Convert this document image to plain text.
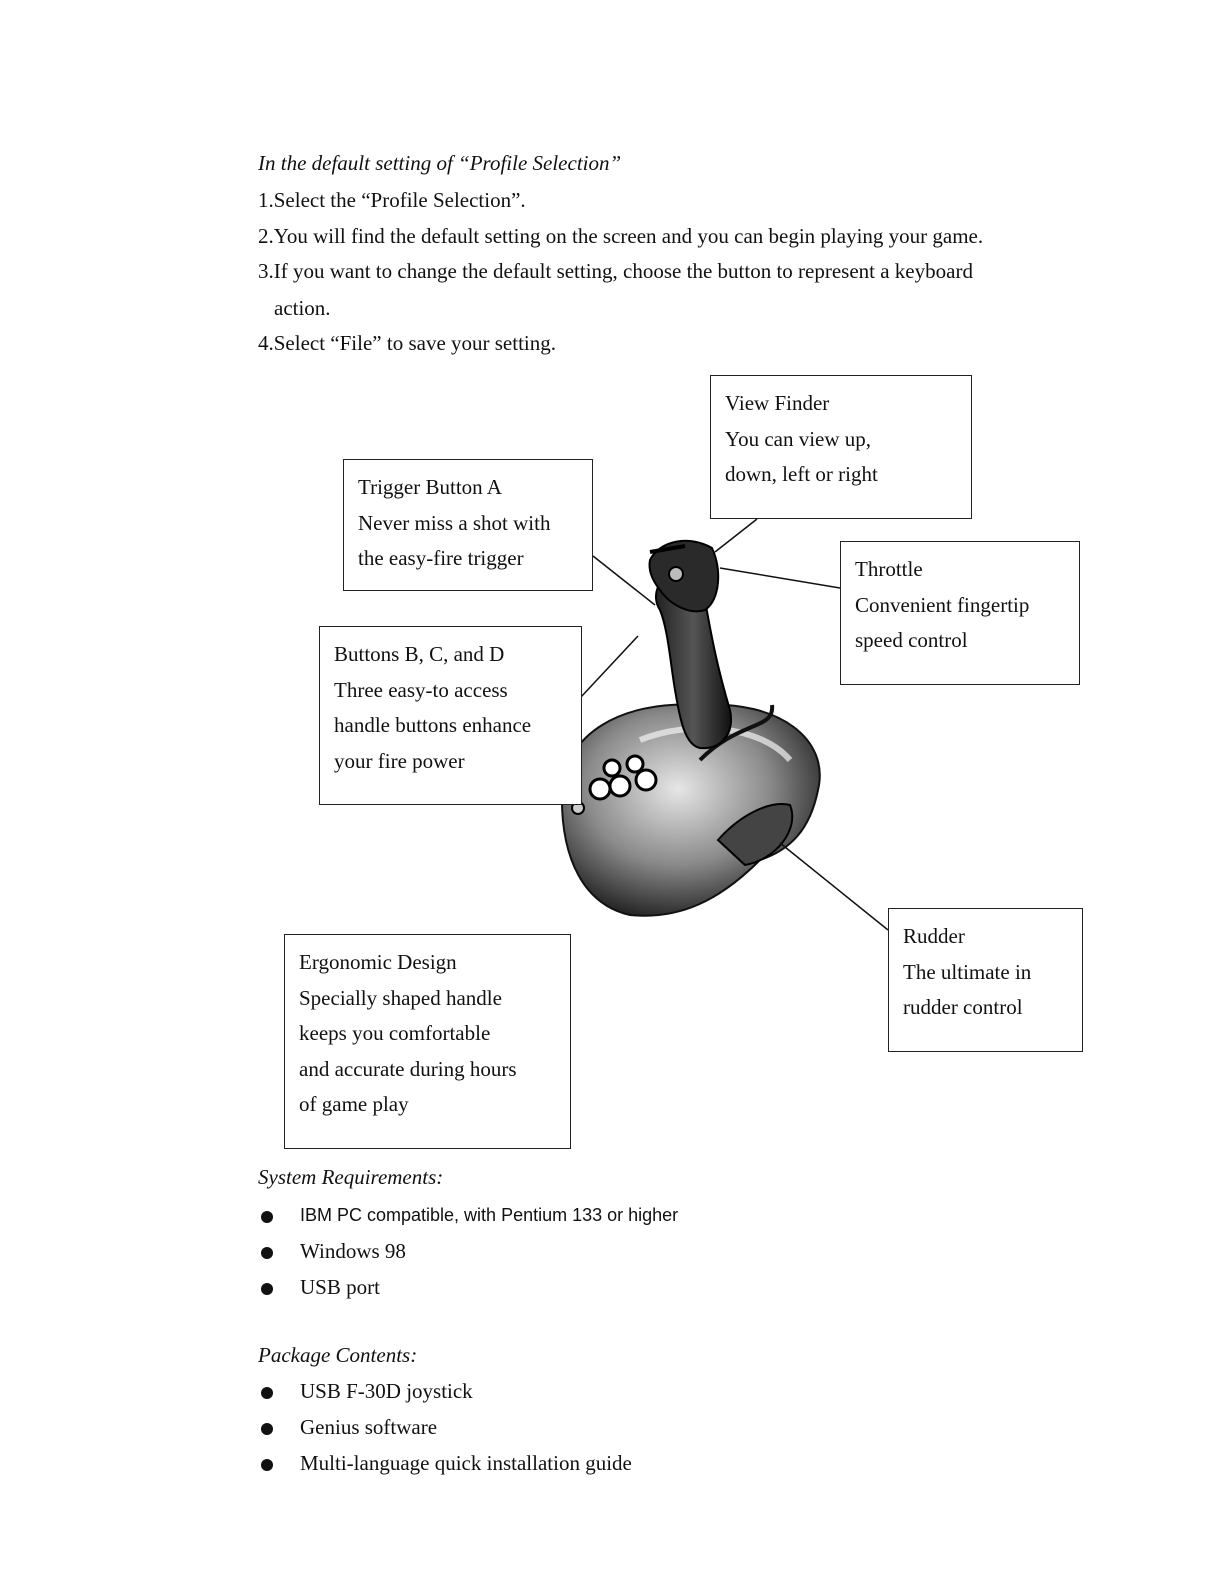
In the default setting of “Profile Selection”
1.Select the “Profile Selection”.
2.You will find the default setting on the screen and you can begin playing your game.
3.If you want to change the default setting, choose the button to represent a keyboard
action.
4.Select “File” to save your setting.
View Finder
You can view up,
down, left or right
Trigger Button A
Never miss a shot with
the easy-fire trigger	Throttle
Convenient fingertip
speed control
Buttons B, C, and D
Three easy-to access
handle buttons enhance
your fire power
Rudder
The ultimate in
rudder control
Ergonomic Design
Specially shaped handle
keeps you comfortable
and accurate during hours
of game play
System Requirements:
IBM PC compatible, with Pentium 133 or higher
Windows 98
USB port
Package Contents:
USB F-30D joystick
Genius software
Multi-language quick installation guide
